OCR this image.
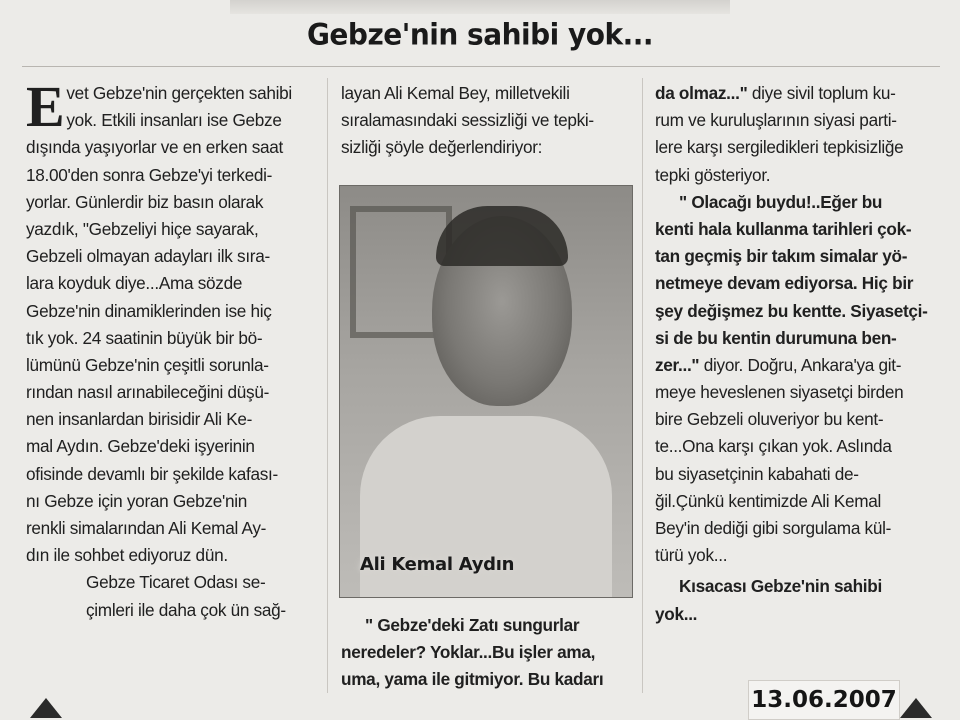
Gebze'nin sahibi yok...
E vet Gebze'nin gerçekten sahibi
yok. Etkili insanları ise Gebze
dışında yaşıyorlar ve en erken saat
18.00'den sonra Gebze'yi terkedi-
yorlar. Günlerdir biz basın olarak
yazdık, "Gebzeliyi hiçe sayarak,
Gebzeli olmayan adayları ilk sıra-
lara koyduk diye...Ama sözde
Gebze'nin dinamiklerinden ise hiç
tık yok. 24 saatinin büyük bir bö-
lümünü Gebze'nin çeşitli sorunla-
rından nasıl arınabileceğini düşü-
nen insanlardan birisidir Ali Ke-
mal Aydın. Gebze'deki işyerinin
ofisinde devamlı bir şekilde kafası-
nı Gebze için yoran Gebze'nin
renkli simalarından Ali Kemal Ay-
dın ile sohbet ediyoruz dün.
Gebze Ticaret Odası se-
çimleri ile daha çok ün sağ-
layan Ali Kemal Bey, milletvekili
sıralamasındaki sessizliği ve tepki-
sizliği şöyle değerlendiriyor:
Ali Kemal Aydın
" Gebze'deki Zatı sungurlar
neredeler? Yoklar...Bu işler ama,
uma, yama ile gitmiyor. Bu kadarı
da olmaz..." diye sivil toplum ku-
rum ve kuruluşlarının siyasi parti-
lere karşı sergiledikleri tepkisizliğe
tepki gösteriyor.
" Olacağı buydu!..Eğer bu
kenti hala kullanma tarihleri çok-
tan geçmiş bir takım simalar yö-
netmeye devam ediyorsa. Hiç bir
şey değişmez bu kentte. Siyasetçi-
si de bu kentin durumuna ben-
zer..." diyor. Doğru, Ankara'ya git-
meye heveslenen siyasetçi birden
bire Gebzeli oluveriyor bu kent-
te...Ona karşı çıkan yok. Aslında
bu siyasetçinin kabahati de-
ğil.Çünkü kentimizde Ali Kemal
Bey'in dediği gibi sorgulama kül-
türü yok...
Kısacası Gebze'nin sahibi
yok...
13.06.2007
